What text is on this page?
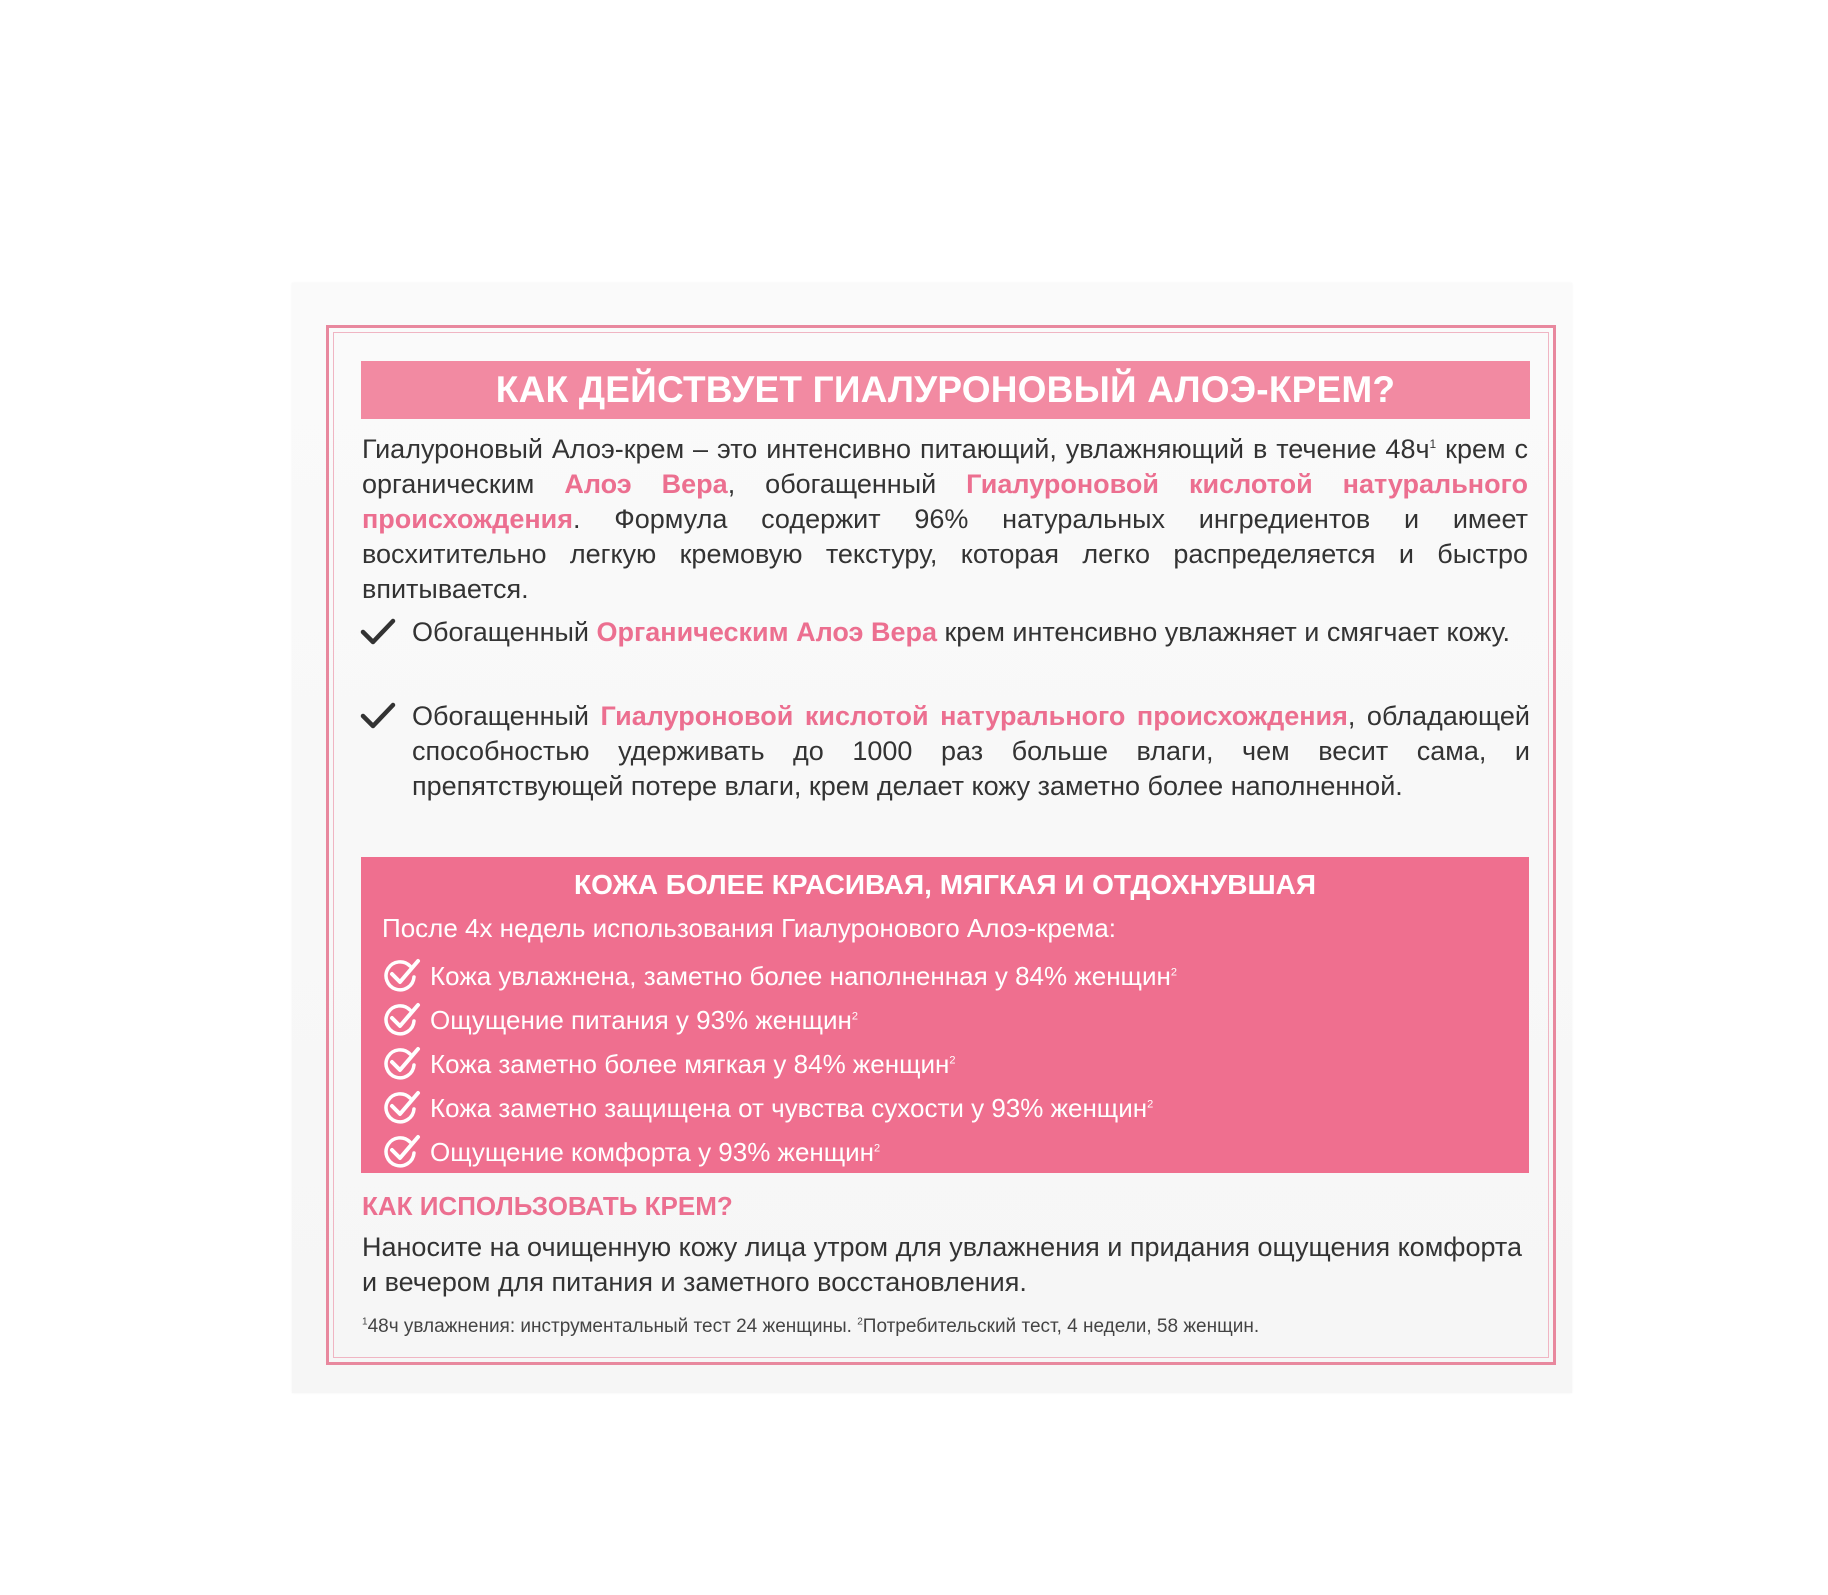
КАК ДЕЙСТВУЕТ ГИАЛУРОНОВЫЙ АЛОЭ-КРЕМ?
Гиалуроновый Алоэ-крем – это интенсивно питающий, увлажняющий в течение $48ч^1$ крем с органическим Алоэ Вера, обогащенный Гиалуроновой кислотой натурального происхождения. Формула содержит 96% натуральных ингредиентов и имеет восхитительно легкую кремовую текстуру, которая легко распределяется и быстро впитывается.
Обогащенный Органическим Алоэ Вера крем интенсивно увлажняет и смягчает кожу.
Обогащенный Гиалуроновой кислотой натурального происхождения, обладающей способностью удерживать до 1000 раз больше влаги, чем весит сама, и препятствующей потере влаги, крем делает кожу заметно более наполненной.
КОЖА БОЛЕЕ КРАСИВАЯ, МЯГКАЯ И ОТДОХНУВШАЯ
После 4х недель использования Гиалуронового Алоэ-крема:
Кожа увлажнена, заметно более наполненная у 84% женщин$^2$
Ощущение питания у 93% женщин$^2$
Кожа заметно более мягкая у 84% женщин$^2$
Кожа заметно защищена от чувства сухости у 93% женщин$^2$
Ощущение комфорта у 93% женщин$^2$
КАК ИСПОЛЬЗОВАТЬ КРЕМ?
Наносите на очищенную кожу лица утром для увлажнения и придания ощущения комфорта и вечером для питания и заметного восстановления.
$^1$48ч увлажнения: инструментальный тест 24 женщины. $^2$Потребительский тест, 4 недели, 58 женщин.
